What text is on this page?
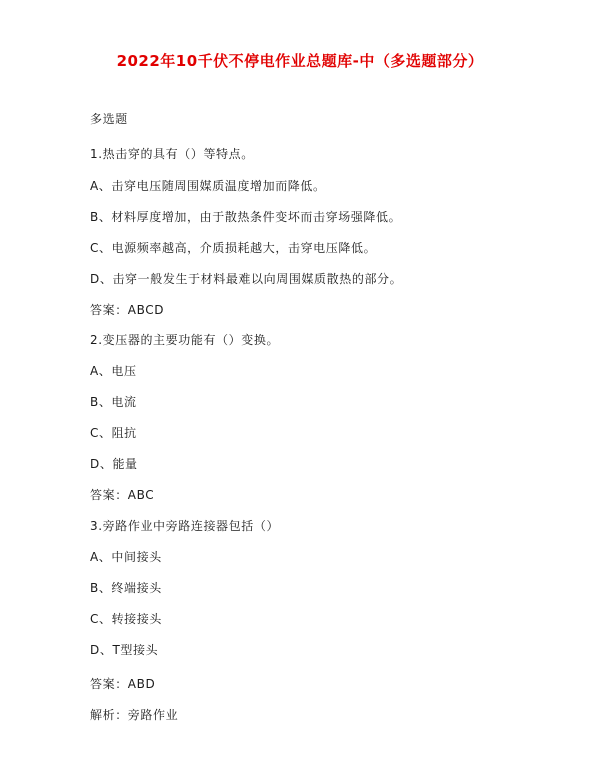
2022年10千伏不停电作业总题库-中（多选题部分）
多选题
1.热击穿的具有（）等特点。
A、击穿电压随周围媒质温度增加而降低。
B、材料厚度增加，由于散热条件变坏而击穿场强降低。
C、电源频率越高，介质损耗越大，击穿电压降低。
D、击穿一般发生于材料最难以向周围媒质散热的部分。
答案：ABCD
2.变压器的主要功能有（）变换。
A、电压
B、电流
C、阻抗
D、能量
答案：ABC
3.旁路作业中旁路连接器包括（）
A、中间接头
B、终端接头
C、转接接头
D、T型接头
答案：ABD
解析：旁路作业
